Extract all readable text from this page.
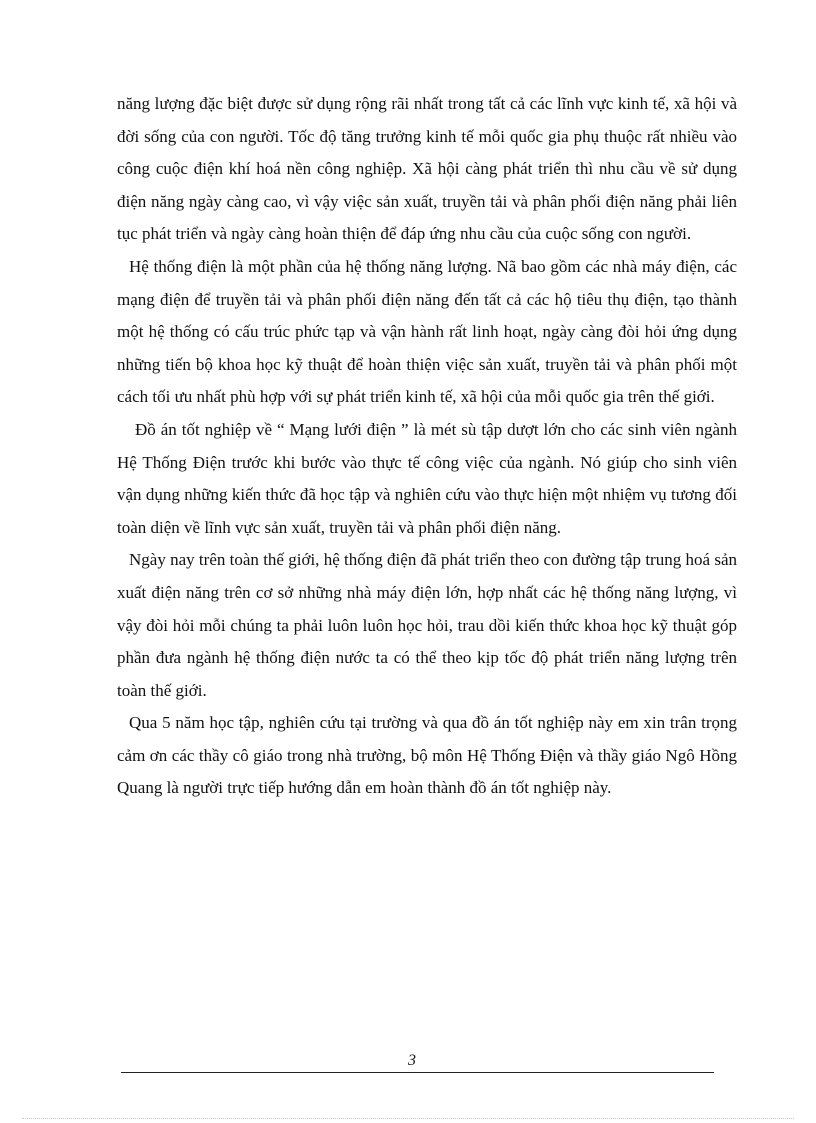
năng lượng đặc biệt được sử dụng rộng rãi nhất trong tất cả các lĩnh vực kinh tế, xã hội và đời sống của con người. Tốc độ tăng trưởng kinh tế mỗi quốc gia phụ thuộc rất nhiều vào công cuộc điện khí hoá nền công nghiệp. Xã hội càng phát triển thì nhu cầu về sử dụng điện năng ngày càng cao, vì vậy việc sản xuất, truyền tải và phân phối điện năng phải liên tục phát triển và ngày càng hoàn thiện để đáp ứng nhu cầu của cuộc sống con người.

Hệ thống điện là một phần của hệ thống năng lượng. Nã bao gồm các nhà máy điện, các mạng điện để truyền tải và phân phối điện năng đến tất cả các hộ tiêu thụ điện, tạo thành một hệ thống có cấu trúc phức tạp và vận hành rất linh hoạt, ngày càng đòi hỏi ứng dụng những tiến bộ khoa học kỹ thuật để hoàn thiện việc sản xuất, truyền tải và phân phối một cách tối ưu nhất phù hợp với sự phát triển kinh tế, xã hội của mỗi quốc gia trên thế giới.

Đồ án tốt nghiệp về “ Mạng lưới điện ” là mét sù tập dượt lớn cho các sinh viên ngành Hệ Thống Điện trước khi bước vào thực tế công việc của ngành. Nó giúp cho sinh viên vận dụng những kiến thức đã học tập và nghiên cứu vào thực hiện một nhiệm vụ tương đối toàn diện về lĩnh vực sản xuất, truyền tải và phân phối điện năng.

Ngày nay trên toàn thế giới, hệ thống điện đã phát triển theo con đường tập trung hoá sản xuất điện năng trên cơ sở những nhà máy điện lớn, hợp nhất các hệ thống năng lượng, vì vậy đòi hỏi mỗi chúng ta phải luôn luôn học hỏi, trau dồi kiến thức khoa học kỹ thuật góp phần đưa ngành hệ thống điện nước ta có thể theo kịp tốc độ phát triển năng lượng trên toàn thế giới.

Qua 5 năm học tập, nghiên cứu tại trường và qua đồ án tốt nghiệp này em xin trân trọng cảm ơn các thầy cô giáo trong nhà trường, bộ môn Hệ Thống Điện và thầy giáo Ngô Hồng Quang là người trực tiếp hướng dẫn em hoàn thành đồ án tốt nghiệp này.

3
